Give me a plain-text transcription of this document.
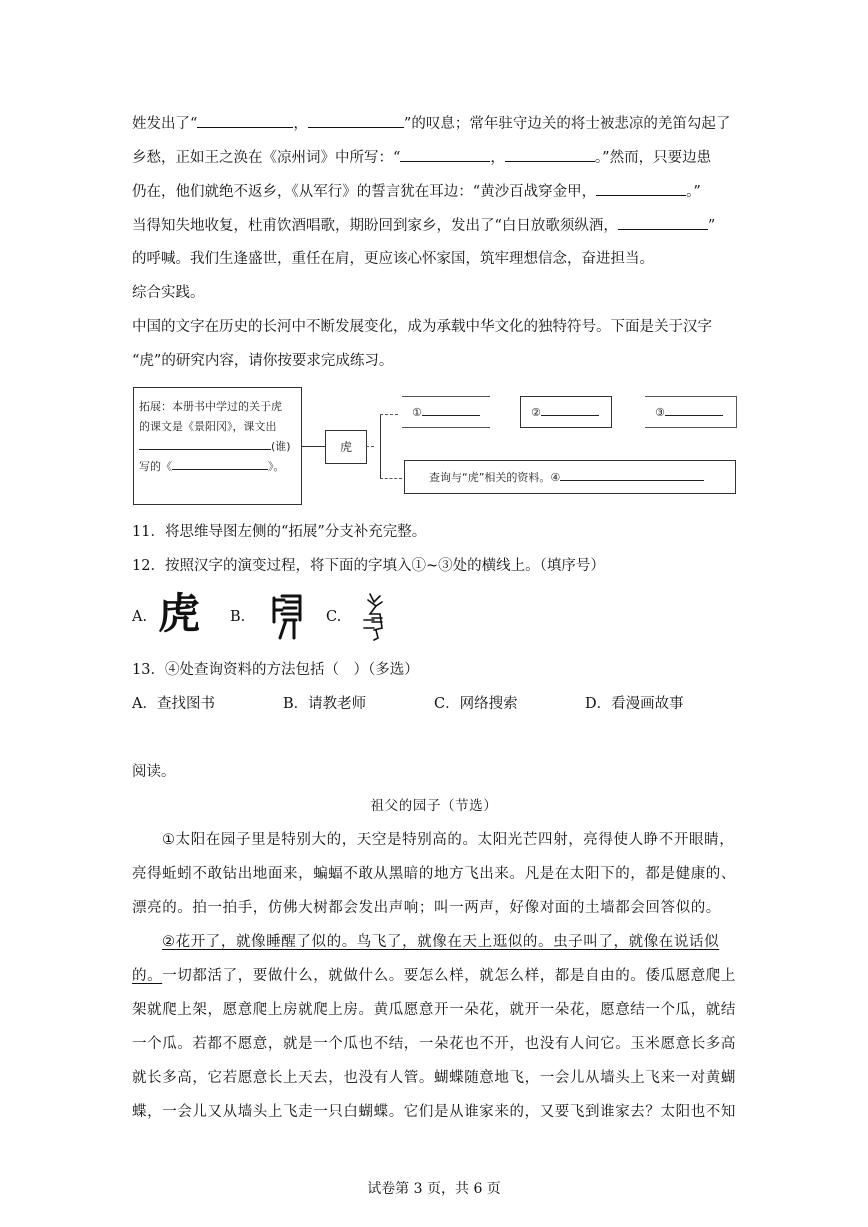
姓发出了“	，	”的叹息；常年驻守边关的将士被悲凉的羌笛勾起了
乡愁，正如王之涣在《凉州词》中所写：“	，	。”然而，只要边患
仍在，他们就绝不返乡，《从军行》的誓言犹在耳边：“黄沙百战穿金甲，	。”
当得知失地收复，杜甫饮酒唱歌，期盼回到家乡，发出了“白日放歌须纵酒，	”
的呼喊。我们生逢盛世，重任在肩，更应该心怀家国，筑牢理想信念，奋进担当。
综合实践。
中国的文字在历史的长河中不断发展变化，成为承载中华文化的独特符号。下面是关于汉字
“虎”的研究内容，请你按要求完成练习。
拓展：本册书中学过的关于虎
的课文是《景阳冈》，课文出
(谁)
写的《	》。
虎
①	②	③
查询与“虎”相关的资料。④
11．将思维导图左侧的“拓展”分支补充完整。
12．按照汉字的演变过程，将下面的字填入①~③处的横线上。（填序号）
A. 虎 B.	C.
13．④处查询资料的方法包括（　）（多选）
A．查找图书	B．请教老师	C．网络搜索	D．看漫画故事
阅读。
祖父的园子（节选）
①太阳在园子里是特别大的，天空是特别高的。太阳光芒四射，亮得使人睁不开眼睛，
亮得蚯蚓不敢钻出地面来，蝙蝠不敢从黑暗的地方飞出来。凡是在太阳下的，都是健康的、
漂亮的。拍一拍手，仿佛大树都会发出声响；叫一两声，好像对面的土墙都会回答似的。
②花开了，就像睡醒了似的。鸟飞了，就像在天上逛似的。虫子叫了，就像在说话似
的。一切都活了，要做什么，就做什么。要怎么样，就怎么样，都是自由的。倭瓜愿意爬上
架就爬上架，愿意爬上房就爬上房。黄瓜愿意开一朵花，就开一朵花，愿意结一个瓜，就结
一个瓜。若都不愿意，就是一个瓜也不结，一朵花也不开，也没有人问它。玉米愿意长多高
就长多高，它若愿意长上天去，也没有人管。蝴蝶随意地飞，一会儿从墙头上飞来一对黄蝴
蝶，一会儿又从墙头上飞走一只白蝴蝶。它们是从谁家来的，又要飞到谁家去？太阳也不知
试卷第 3 页，共 6 页
